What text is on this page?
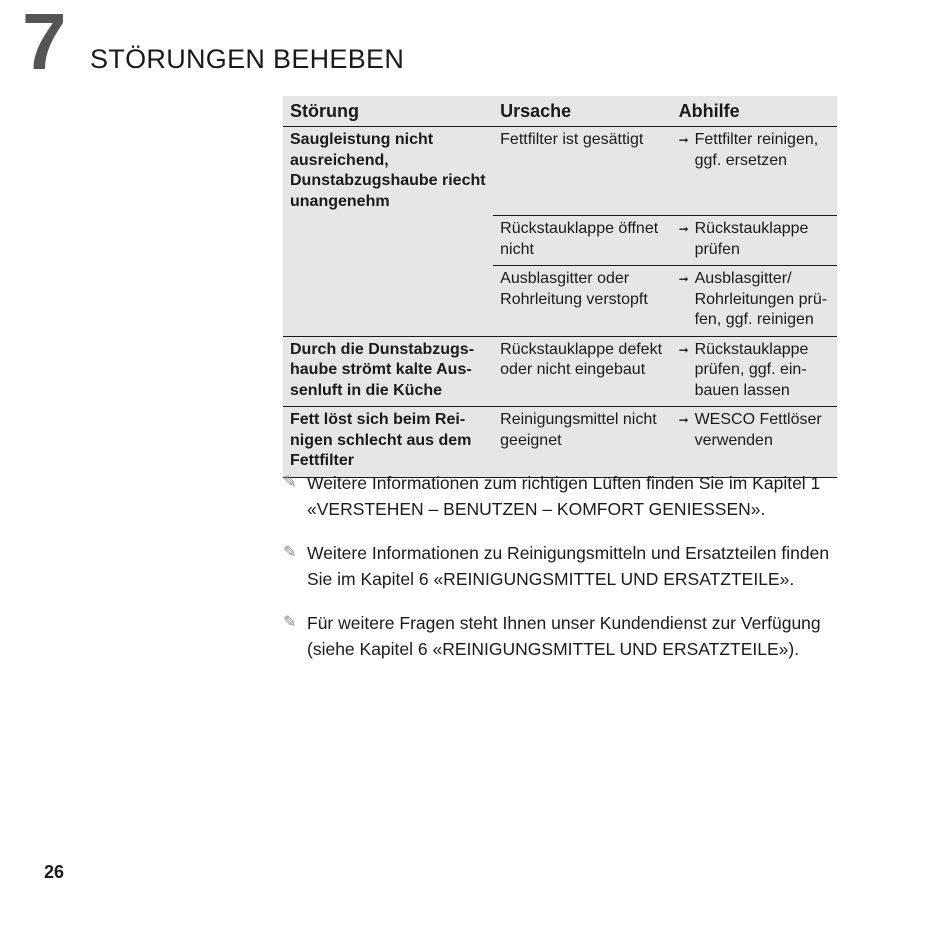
7 STÖRUNGEN BEHEBEN
Störung	Ursache	Abhilfe
Saugleistung nicht ausreichend, Dunstabzugshaube riecht unangenehm	Fettfilter ist gesättigt	➞ Fettfilter reinigen, ggf. ersetzen

	Rückstauklappe öffnet nicht	➞ Rückstauklappe prüfen

	Ausblasgitter oder Rohrleitung verstopft	➞ Ausblasgitter/ Rohrleitungen prüfen, ggf. reinigen

Durch die Dunstabzugshaube strömt kalte Aussenluft in die Küche	Rückstauklappe defekt oder nicht eingebaut	➞ Rückstauklappe prüfen, ggf. einbauen lassen

Fett löst sich beim Reinigen schlecht aus dem Fettfilter	Reinigungsmittel nicht geeignet	➞ WESCO Fettlöser verwenden
✎ Weitere Informationen zum richtigen Lüften finden Sie im Kapitel 1 «VERSTEHEN – BENUTZEN – KOMFORT GENIESSEN».
✎ Weitere Informationen zu Reinigungsmitteln und Ersatzteilen finden Sie im Kapitel 6 «REINIGUNGSMITTEL UND ERSATZTEILE».
✎ Für weitere Fragen steht Ihnen unser Kundendienst zur Verfügung (siehe Kapitel 6 «REINIGUNGSMITTEL UND ERSATZTEILE»).
26
